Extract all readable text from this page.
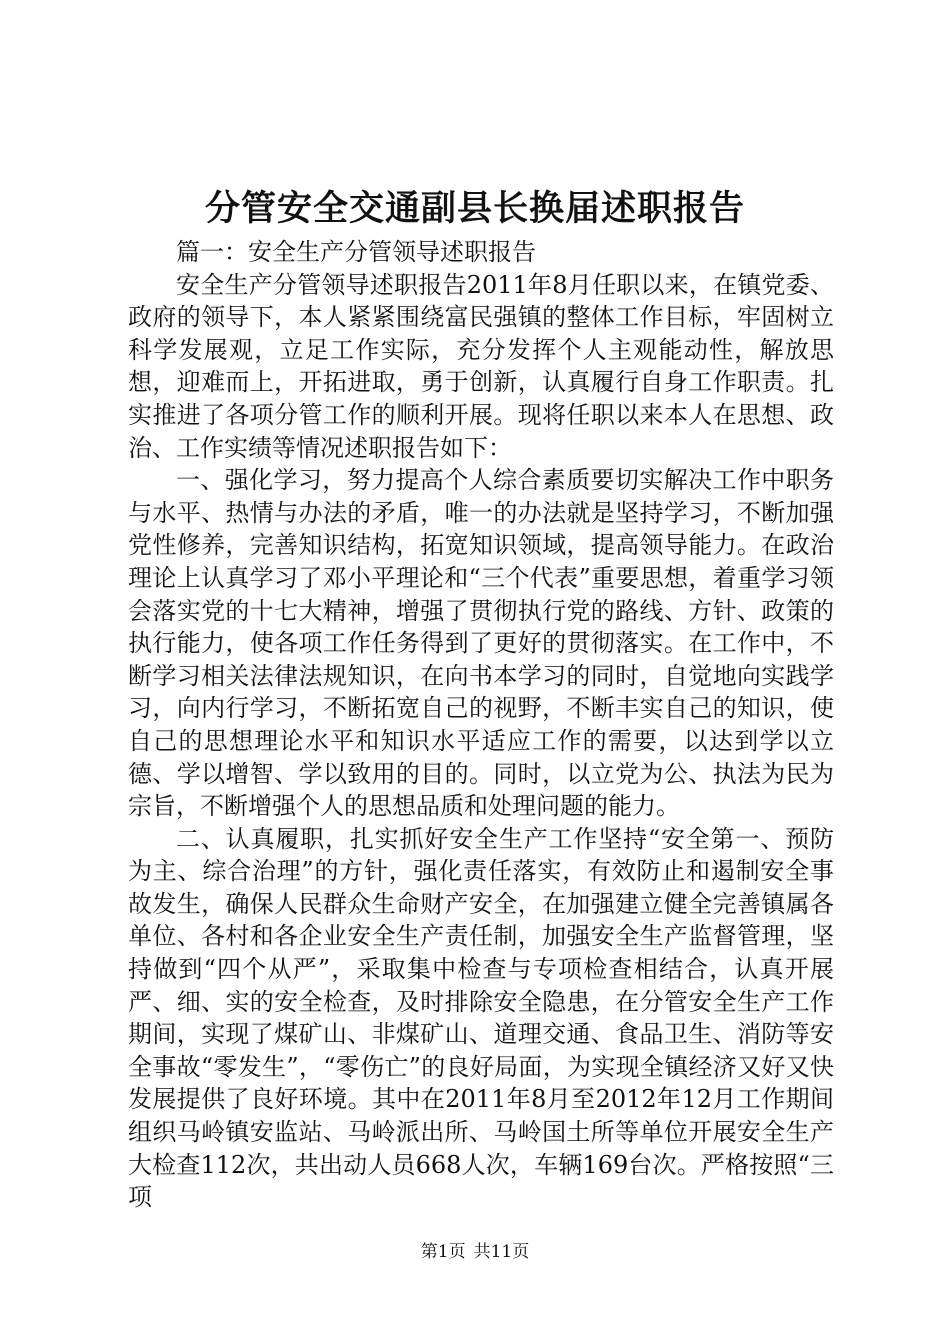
分管安全交通副县长换届述职报告

篇一：安全生产分管领导述职报告

安全生产分管领导述职报告2011年8月任职以来，在镇党委、政府的领导下，本人紧紧围绕富民强镇的整体工作目标，牢固树立科学发展观，立足工作实际，充分发挥个人主观能动性，解放思想，迎难而上，开拓进取，勇于创新，认真履行自身工作职责。扎实推进了各项分管工作的顺利开展。现将任职以来本人在思想、政治、工作实绩等情况述职报告如下：

一、强化学习，努力提高个人综合素质要切实解决工作中职务与水平、热情与办法的矛盾，唯一的办法就是坚持学习，不断加强党性修养，完善知识结构，拓宽知识领域，提高领导能力。在政治理论上认真学习了邓小平理论和“三个代表”重要思想，着重学习领会落实党的十七大精神，增强了贯彻执行党的路线、方针、政策的执行能力，使各项工作任务得到了更好的贯彻落实。在工作中，不断学习相关法律法规知识，在向书本学习的同时，自觉地向实践学习，向内行学习，不断拓宽自己的视野，不断丰实自己的知识，使自己的思想理论水平和知识水平适应工作的需要，以达到学以立德、学以增智、学以致用的目的。同时，以立党为公、执法为民为宗旨，不断增强个人的思想品质和处理问题的能力。

二、认真履职，扎实抓好安全生产工作坚持“安全第一、预防为主、综合治理”的方针，强化责任落实，有效防止和遏制安全事故发生，确保人民群众生命财产安全，在加强建立健全完善镇属各单位、各村和各企业安全生产责任制，加强安全生产监督管理，坚持做到“四个从严”，采取集中检查与专项检查相结合，认真开展严、细、实的安全检查，及时排除安全隐患，在分管安全生产工作期间，实现了煤矿山、非煤矿山、道理交通、食品卫生、消防等安全事故“零发生”，“零伤亡”的良好局面，为实现全镇经济又好又快发展提供了良好环境。其中在2011年8月至2012年12月工作期间组织马岭镇安监站、马岭派出所、马岭国土所等单位开展安全生产大检查112次，共出动人员668人次，车辆169台次。严格按照“三项

第1页 共11页
